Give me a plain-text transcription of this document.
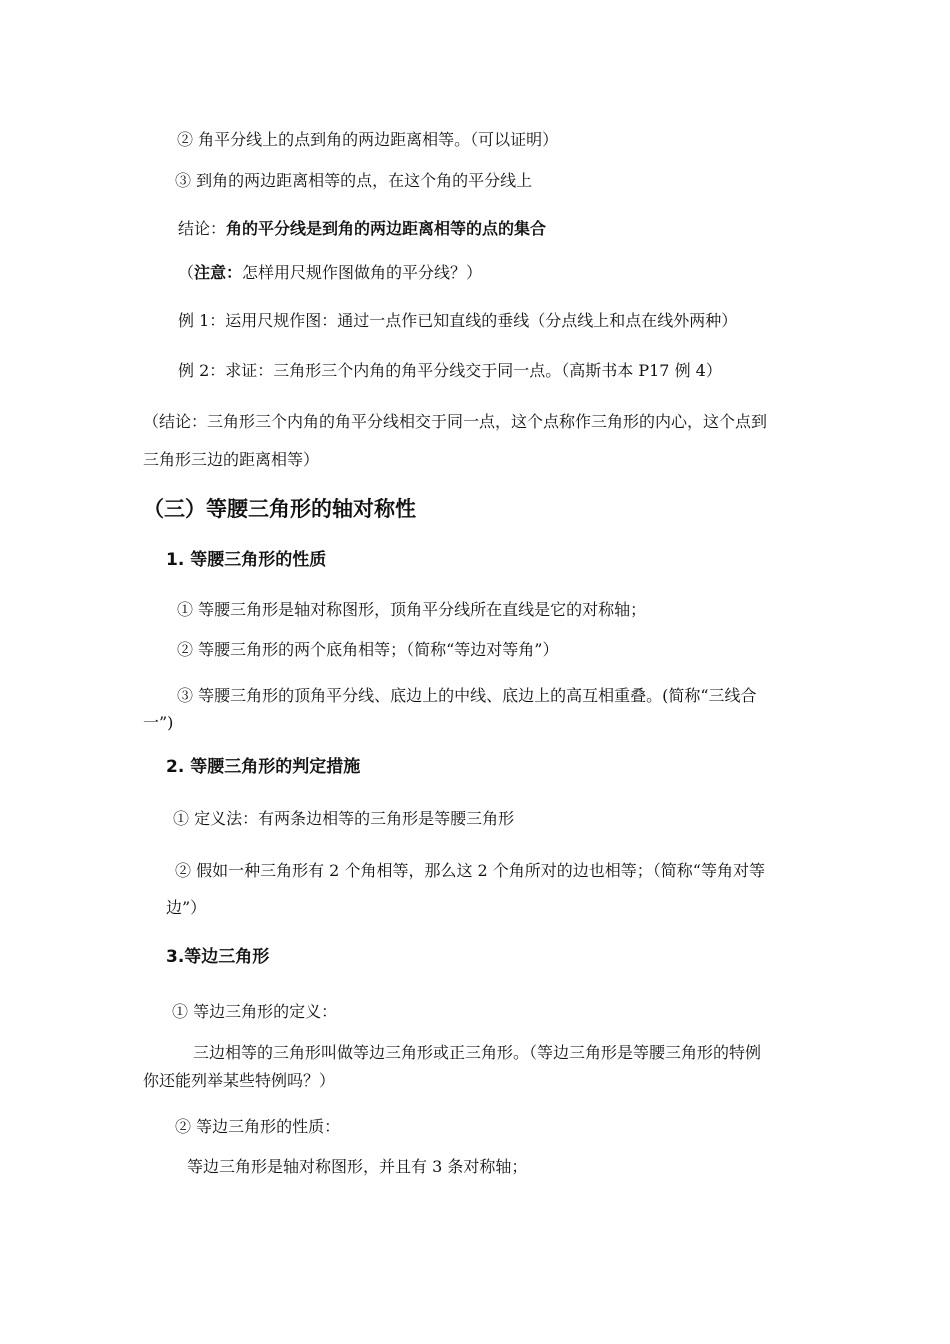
② 角平分线上的点到角的两边距离相等。（可以证明）
③ 到角的两边距离相等的点，在这个角的平分线上
结论：角的平分线是到角的两边距离相等的点的集合
（注意：怎样用尺规作图做角的平分线？）
例 1：运用尺规作图：通过一点作已知直线的垂线（分点线上和点在线外两种）
例 2：求证：三角形三个内角的角平分线交于同一点。（高斯书本 P17 例 4）
（结论：三角形三个内角的角平分线相交于同一点，这个点称作三角形的内心，这个点到
三角形三边的距离相等）
（三）等腰三角形的轴对称性
1. 等腰三角形的性质
① 等腰三角形是轴对称图形，顶角平分线所在直线是它的对称轴；
② 等腰三角形的两个底角相等；（简称“等边对等角”）
③ 等腰三角形的顶角平分线、底边上的中线、底边上的高互相重叠。(简称“三线合
一”)
2. 等腰三角形的判定措施
① 定义法：有两条边相等的三角形是等腰三角形
② 假如一种三角形有 2 个角相等，那么这 2 个角所对的边也相等；（简称“等角对等
边”）
3.等边三角形
① 等边三角形的定义：
三边相等的三角形叫做等边三角形或正三角形。（等边三角形是等腰三角形的特例
你还能列举某些特例吗？）
② 等边三角形的性质：
等边三角形是轴对称图形，并且有 3 条对称轴；
